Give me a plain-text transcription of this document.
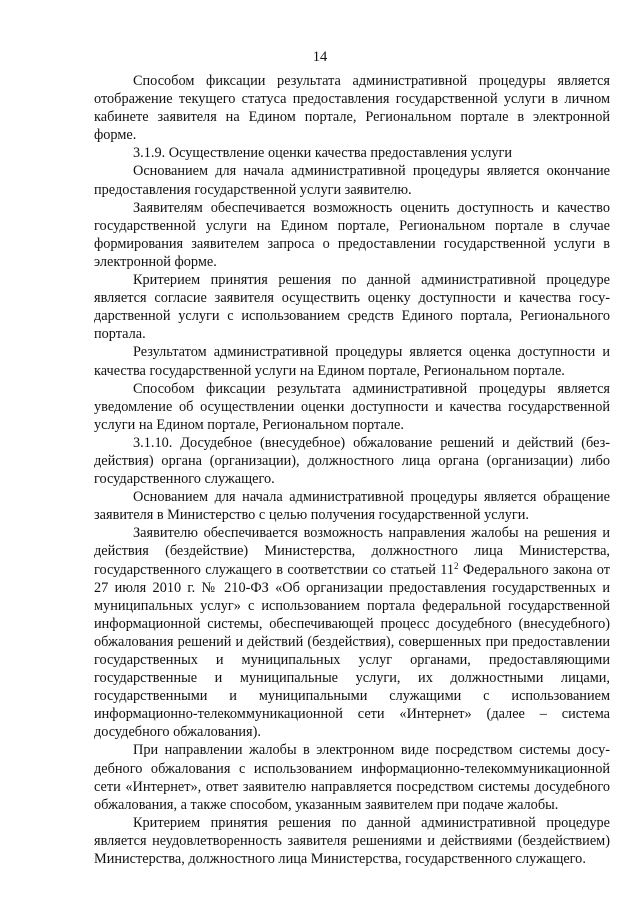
14

Способом фиксации результата административной процедуры является отображение текущего статуса предоставления государственной услуги в личном кабинете заявителя на Едином портале, Региональном портале в электронной форме.

3.1.9. Осуществление оценки качества предоставления услуги

Основанием для начала административной процедуры является окончание предоставления государственной услуги заявителю.

Заявителям обеспечивается возможность оценить доступность и качество государственной услуги на Едином портале, Региональном портале в случае формирования заявителем запроса о предоставлении государственной услуги в электронной форме.

Критерием принятия решения по данной административной процедуре является согласие заявителя осуществить оценку доступности и качества государственной услуги с использованием средств Единого портала, Регионального портала.

Результатом административной процедуры является оценка доступности и качества государственной услуги на Едином портале, Региональном портале.

Способом фиксации результата административной процедуры является уведомление об осуществлении оценки доступности и качества государственной услуги на Едином портале, Региональном портале.

3.1.10. Досудебное (внесудебное) обжалование решений и действий (бездействия) органа (организации), должностного лица органа (организации) либо государственного служащего.

Основанием для начала административной процедуры является обращение заявителя в Министерство с целью получения государственной услуги.

Заявителю обеспечивается возможность направления жалобы на решения и действия (бездействие) Министерства, должностного лица Министерства, государственного служащего в соответствии со статьей $11^2$ Федерального закона от 27 июля 2010 г. № 210-ФЗ «Об организации предоставления государственных и муниципальных услуг» с использованием портала федеральной государственной информационной системы, обеспечивающей процесс досудебного (внесудебного) обжалования решений и действий (бездействия), совершенных при предоставлении государственных и муниципальных услуг органами, предоставляющими государственные и муниципальные услуги, их должностными лицами, государственными и муниципальными служащими с использованием информационно-телекоммуникационной сети «Интернет» (далее – система досудебного обжалования).

При направлении жалобы в электронном виде посредством системы досудебного обжалования с использованием информационно-телекоммуникационной сети «Интернет», ответ заявителю направляется посредством системы досудебного обжалования, а также способом, указанным заявителем при подаче жалобы.

Критерием принятия решения по данной административной процедуре является неудовлетворенность заявителя решениями и действиями (бездействием) Министерства, должностного лица Министерства, государственного служащего.
